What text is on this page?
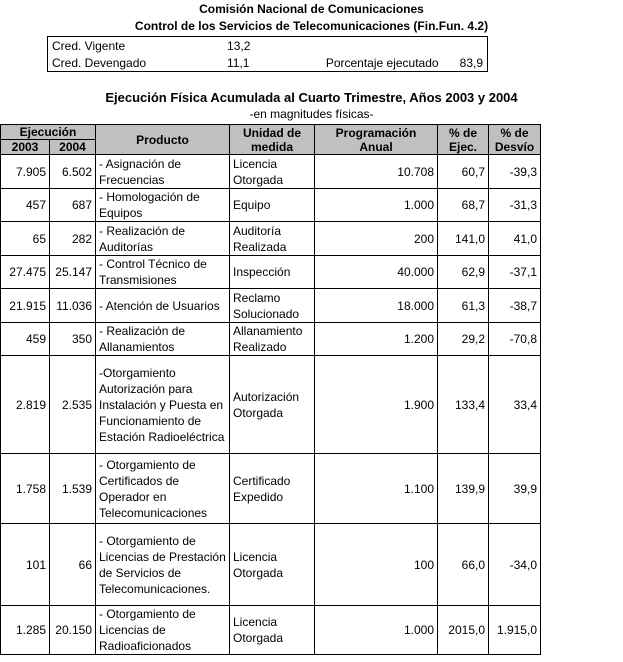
Comisión Nacional de Comunicaciones
Control de los Servicios de Telecomunicaciones (Fin.Fun. 4.2)
Cred. Vigente	13,2		
Cred. Devengado	11,1	Porcentaje ejecutado	83,9
Ejecución Física Acumulada al Cuarto Trimestre, Años 2003 y 2004
-en magnitudes físicas-
Ejecución		Producto	Unidad de medida	Programación Anual	% de Ejec.	% de Desvío
2003	2004					
7.905	6.502	- Asignación de Frecuencias	Licencia Otorgada	10.708	60,7	-39,3
457	687	- Homologación de Equipos	Equipo	1.000	68,7	-31,3
65	282	- Realización de Auditorías	Auditoría Realizada	200	141,0	41,0
27.475	25.147	- Control Técnico de Transmisiones	Inspección	40.000	62,9	-37,1
21.915	11.036	- Atención de Usuarios	Reclamo Solucionado	18.000	61,3	-38,7
459	350	- Realización de Allanamientos	Allanamiento Realizado	1.200	29,2	-70,8
2.819	2.535	-Otorgamiento Autorización para Instalación y Puesta en Funcionamiento de Estación Radioeléctrica	Autorización Otorgada	1.900	133,4	33,4
1.758	1.539	- Otorgamiento de Certificados de Operador en Telecomunicaciones	Certificado Expedido	1.100	139,9	39,9
101	66	- Otorgamiento de Licencias de Prestación de Servicios de Telecomunicaciones.	Licencia Otorgada	100	66,0	-34,0
1.285	20.150	- Otorgamiento de Licencias de Radioaficionados	Licencia Otorgada	1.000	2015,0	1.915,0
